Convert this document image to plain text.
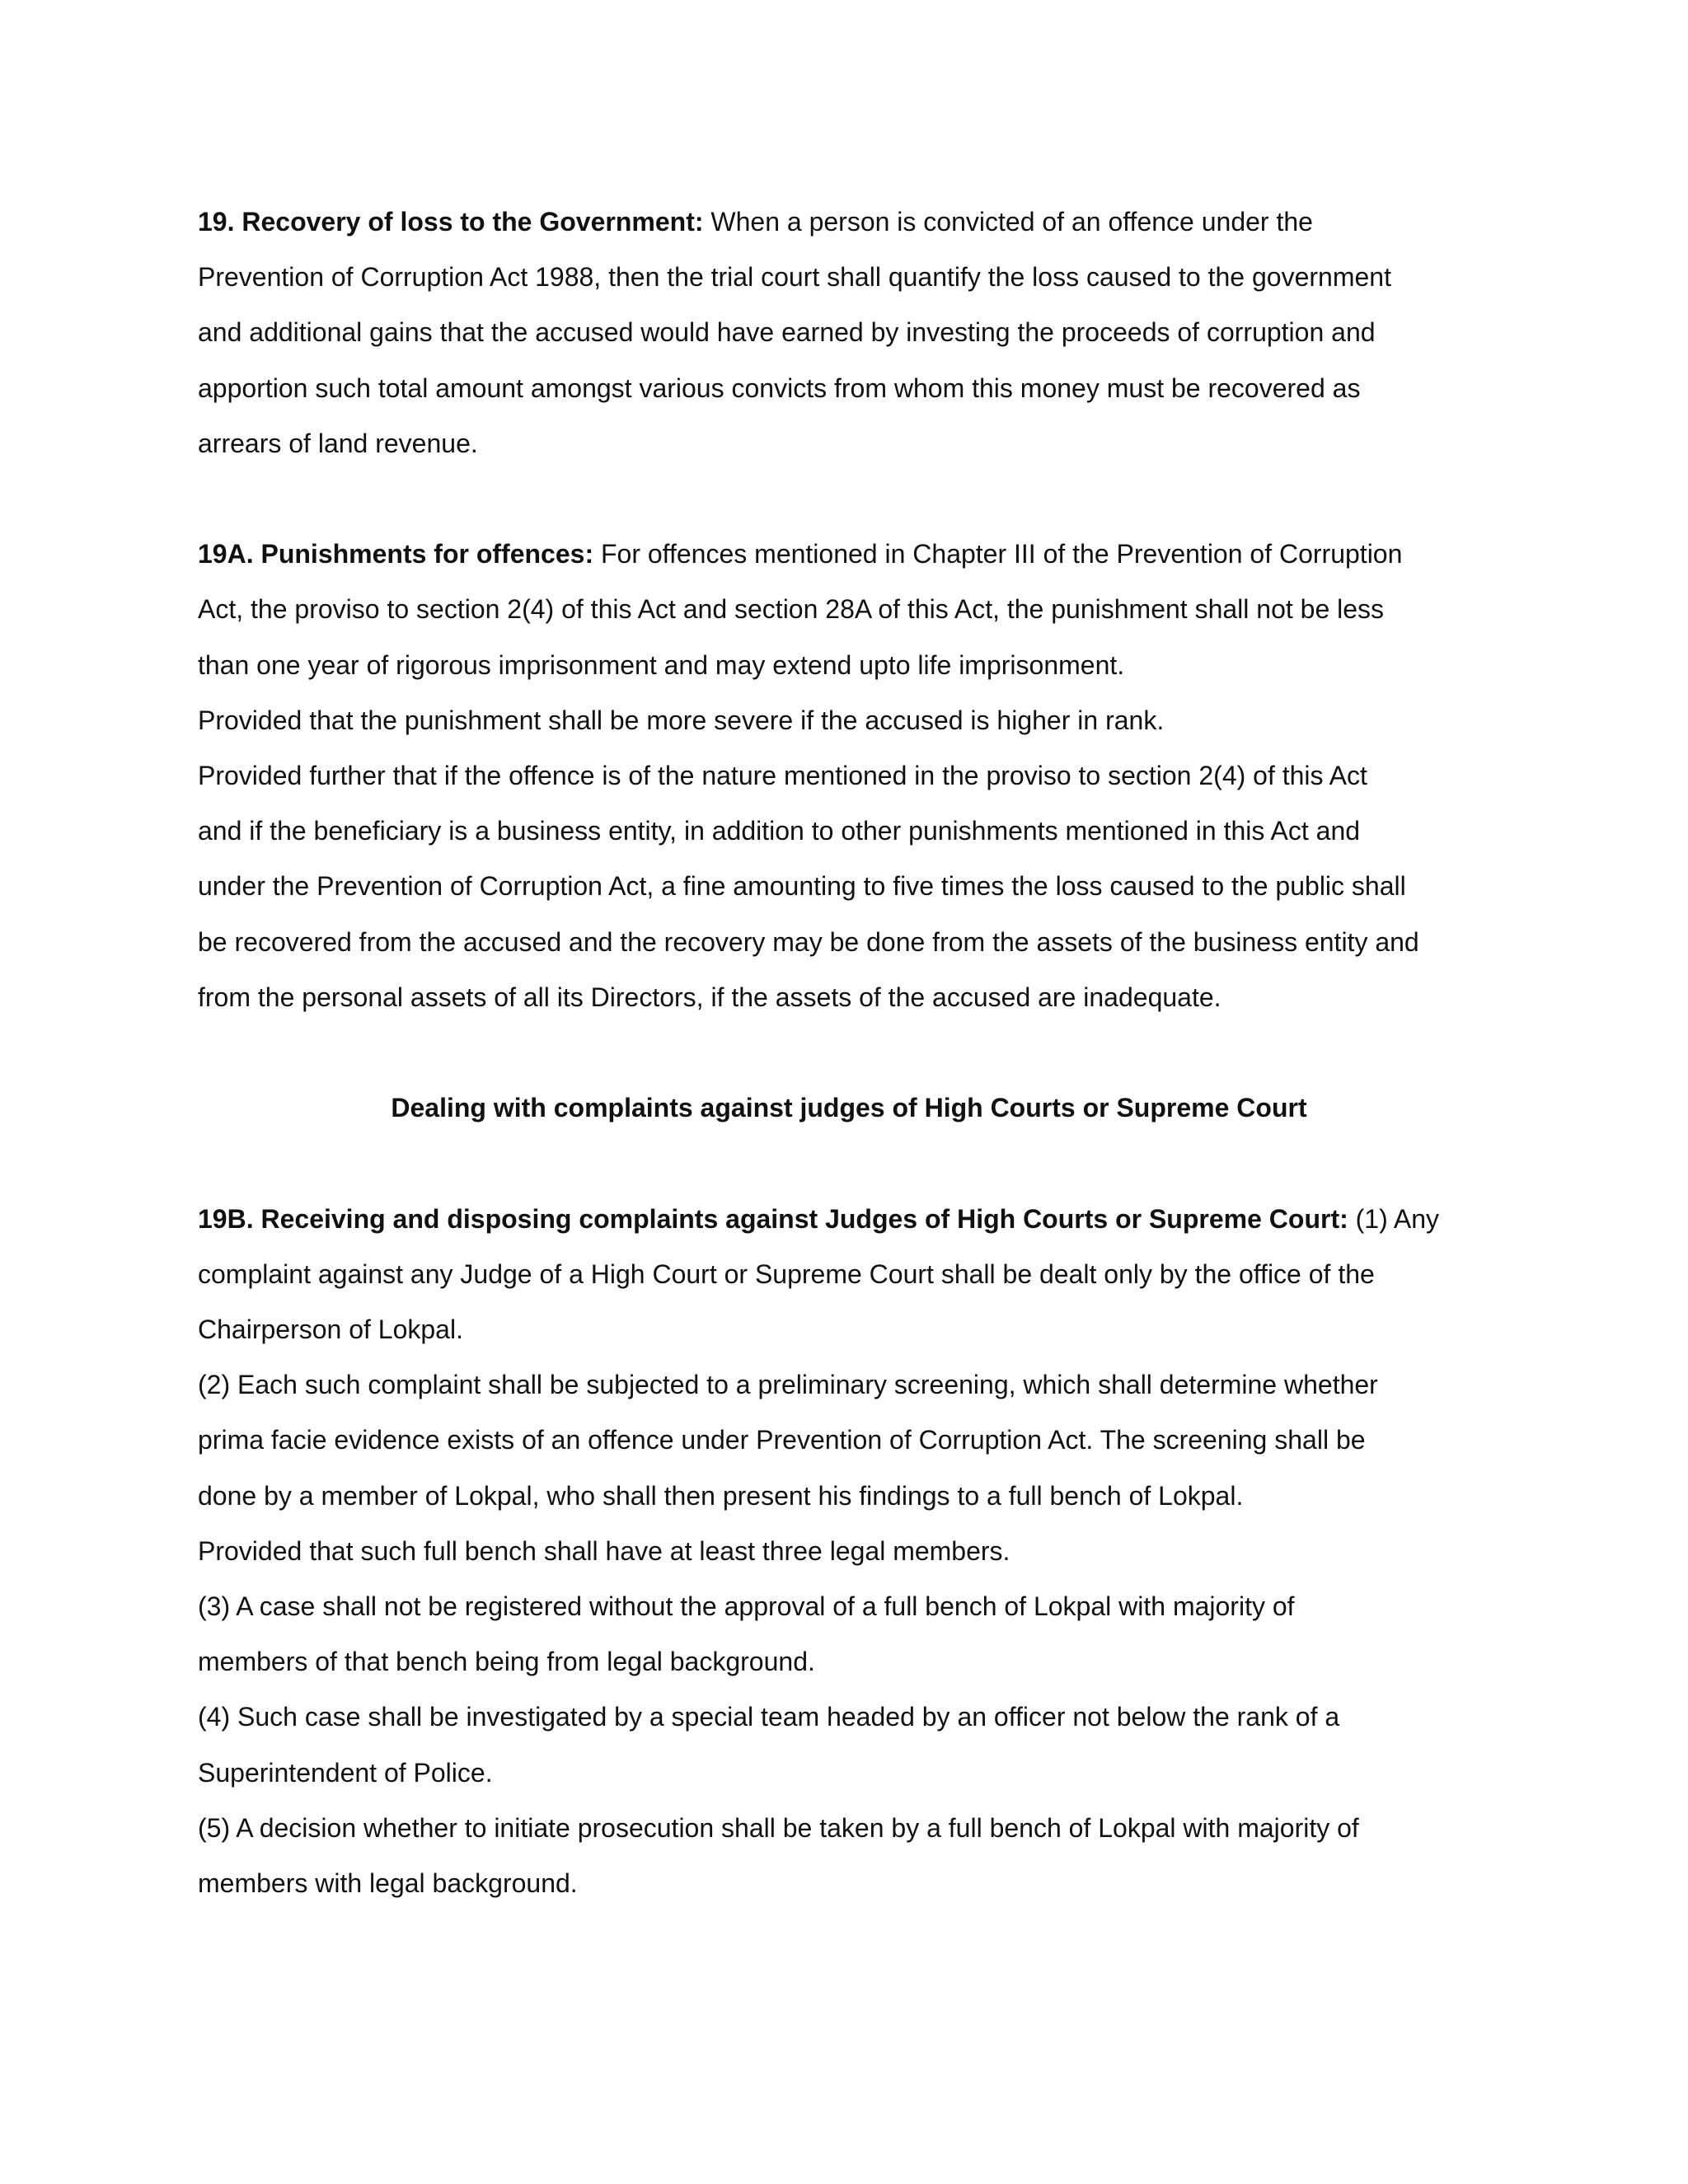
19. Recovery of loss to the Government: When a person is convicted of an offence under the
Prevention of Corruption Act 1988, then the trial court shall quantify the loss caused to the government
and additional gains that the accused would have earned by investing the proceeds of corruption and
apportion such total amount amongst various convicts from whom this money must be recovered as
arrears of land revenue.
19A. Punishments for offences: For offences mentioned in Chapter III of the Prevention of Corruption
Act, the proviso to section 2(4) of this Act and section 28A of this Act, the punishment shall not be less
than one year of rigorous imprisonment and may extend upto life imprisonment.
Provided that the punishment shall be more severe if the accused is higher in rank.
Provided further that if the offence is of the nature mentioned in the proviso to section 2(4) of this Act
and if the beneficiary is a business entity, in addition to other punishments mentioned in this Act and
under the Prevention of Corruption Act, a fine amounting to five times the loss caused to the public shall
be recovered from the accused and the recovery may be done from the assets of the business entity and
from the personal assets of all its Directors, if the assets of the accused are inadequate.
Dealing with complaints against judges of High Courts or Supreme Court
19B. Receiving and disposing complaints against Judges of High Courts or Supreme Court: (1) Any
complaint against any Judge of a High Court or Supreme Court shall be dealt only by the office of the
Chairperson of Lokpal.
(2) Each such complaint shall be subjected to a preliminary screening, which shall determine whether
prima facie evidence exists of an offence under Prevention of Corruption Act. The screening shall be
done by a member of Lokpal, who shall then present his findings to a full bench of Lokpal.
Provided that such full bench shall have at least three legal members.
(3) A case shall not be registered without the approval of a full bench of Lokpal with majority of
members of that bench being from legal background.
(4) Such case shall be investigated by a special team headed by an officer not below the rank of a
Superintendent of Police.
(5) A decision whether to initiate prosecution shall be taken by a full bench of Lokpal with majority of
members with legal background.
